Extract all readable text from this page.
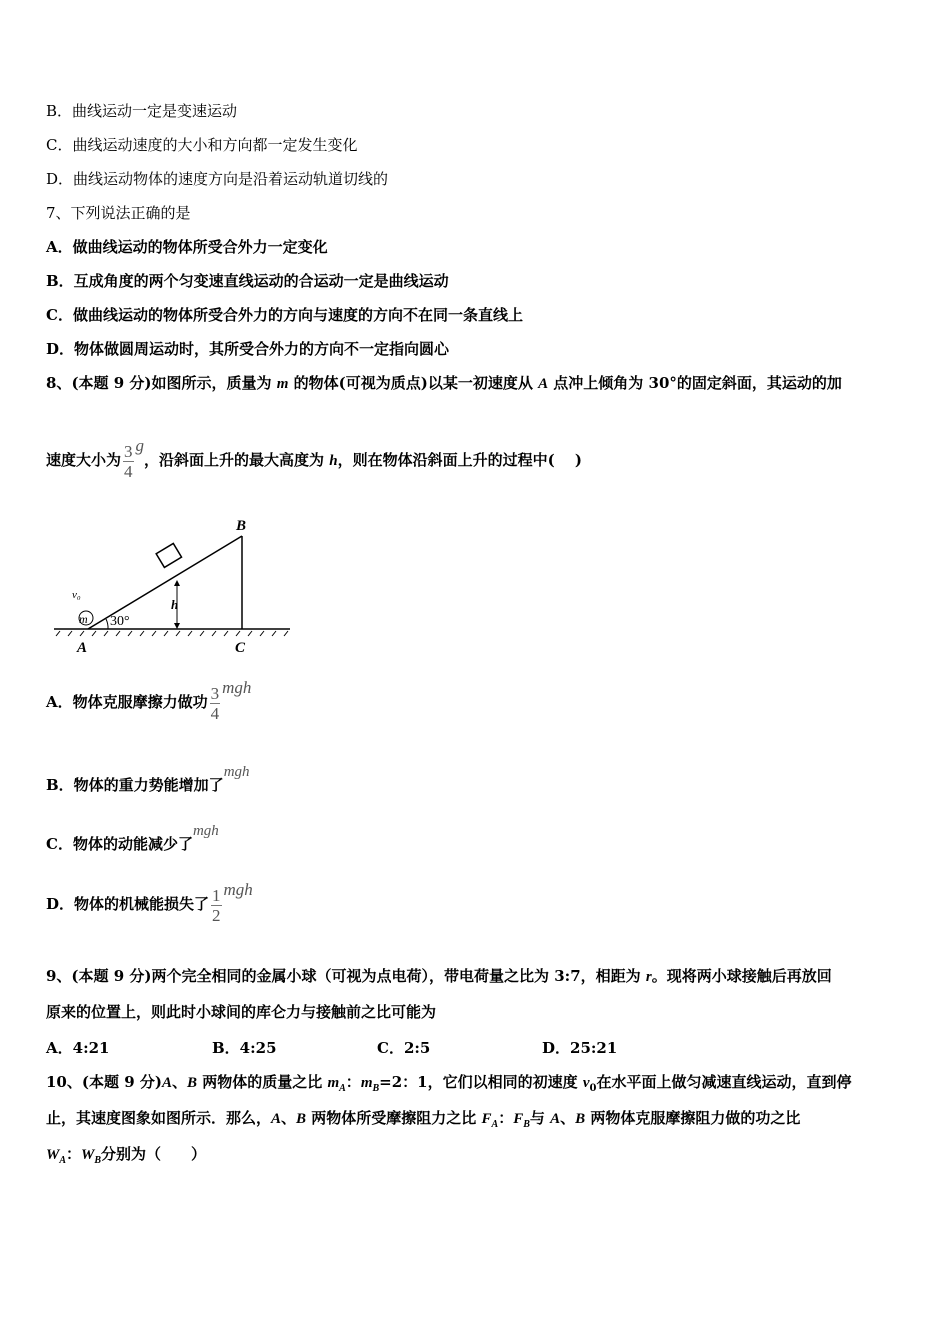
B．曲线运动一定是变速运动
C．曲线运动速度的大小和方向都一定发生变化
D．曲线运动物体的速度方向是沿着运动轨道切线的
7、下列说法正确的是
A．做曲线运动的物体所受合外力一定变化
B．互成角度的两个匀变速直线运动的合运动一定是曲线运动
C．做曲线运动的物体所受合外力的方向与速度的方向不在同一条直线上
D．物体做圆周运动时，其所受合外力的方向不一定指向圆心
8、(本题 9 分)如图所示，质量为 m 的物体(可视为质点)以某一初速度从 A 点冲上倾角为 30°的固定斜面，其运动的加
速度大小为 $\frac{3}{4}$ g，沿斜面上升的最大高度为 h，则在物体沿斜面上升的过程中(　 )
h
30°
m
v₀
B
A	C
A．物体克服摩擦力做功 $\frac{3}{4}$ mgh
B．物体的重力势能增加了mgh
C．物体的动能减少了mgh
D．物体的机械能损失了 $\frac{1}{2}$ mgh
9、(本题 9 分)两个完全相同的金属小球（可视为点电荷），带电荷量之比为 3:7，相距为 r。现将两小球接触后再放回
原来的位置上，则此时小球间的库仑力与接触前之比可能为
A．4:21	B．4:25	C．2:5	D．25:21
10、(本题 9 分)A、B 两物体的质量之比 $m_A$：$m_B=2$：1，它们以相同的初速度 $v_0$在水平面上做匀减速直线运动，直到停
止，其速度图象如图所示．那么，A、B 两物体所受摩擦阻力之比 $F_A$：$F_B$与 A、B 两物体克服摩擦阻力做的功之比
$W_A$：$W_B$分别为（　　）
